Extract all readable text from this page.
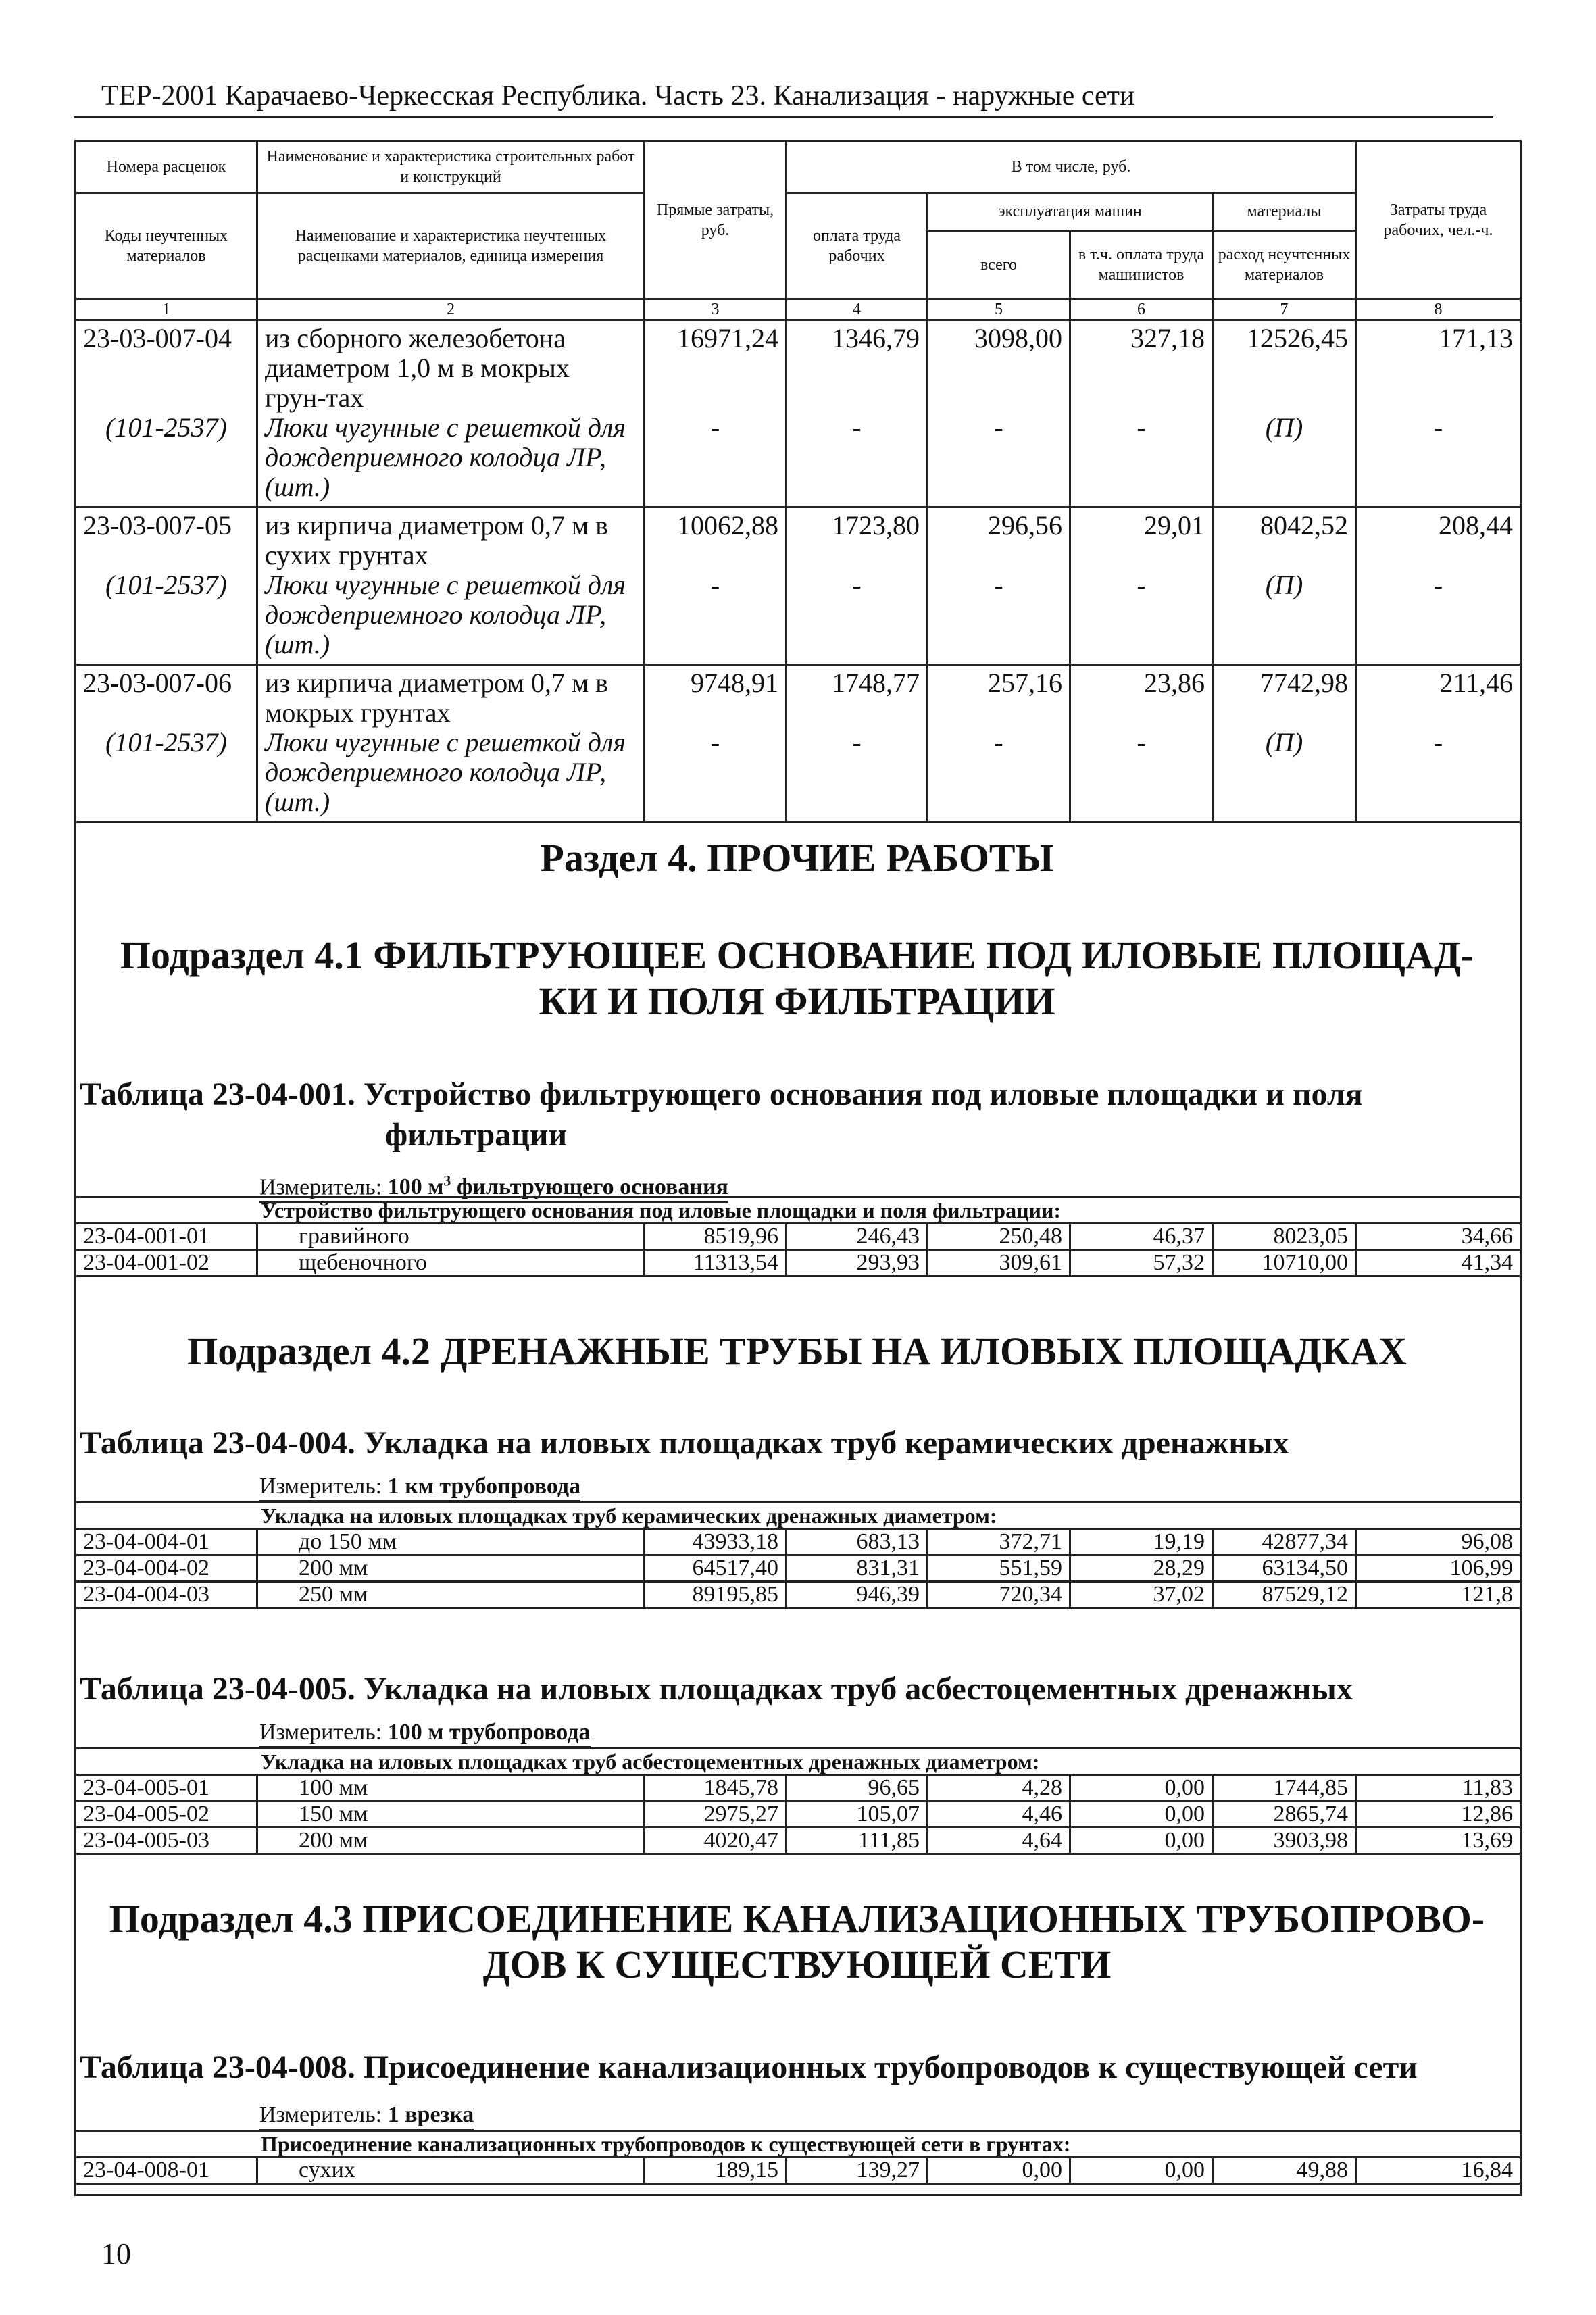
ТЕР-2001 Карачаево-Черкесская Республика. Часть 23. Канализация - наружные сети
Номера расценок	Наименование и характеристика строительных работ и конструкций	Прямые затраты, руб.	В том числе, руб.				Затраты труда рабочих, чел.-ч.
Коды неучтенных материалов	Наименование и характеристика неучтенных расценками материалов, единица измерения		оплата труда рабочих	эксплуатация машин		материалы	
				всего	в т.ч. оплата труда машинистов	расход неучтенных материалов	
1	2	3	4	5	6	7	8
23-03-007-04	из сборного железобетона диаметром 1,0 м в мокрых грун-тах	16971,24	1346,79	3098,00	327,18	12526,45	171,13
(101-2537)	Люки чугунные с решеткой для дождеприемного колодца ЛР, (шт.)	-	-	-	-	(П)	-
23-03-007-05	из кирпича диаметром 0,7 м в сухих грунтах	10062,88	1723,80	296,56	29,01	8042,52	208,44
(101-2537)	Люки чугунные с решеткой для дождеприемного колодца ЛР, (шт.)	-	-	-	-	(П)	-
23-03-007-06	из кирпича диаметром 0,7 м в мокрых грунтах	9748,91	1748,77	257,16	23,86	7742,98	211,46
(101-2537)	Люки чугунные с решеткой для дождеприемного колодца ЛР, (шт.)	-	-	-	-	(П)	-
Раздел 4. ПРОЧИЕ РАБОТЫ
Подраздел 4.1 ФИЛЬТРУЮЩЕЕ ОСНОВАНИЕ ПОД ИЛОВЫЕ ПЛОЩАД-
КИ И ПОЛЯ ФИЛЬТРАЦИИ
Таблица 23-04-001. Устройство фильтрующего основания под иловые площадки и поля
фильтрации
Измеритель: 100 $м^3$ фильтрующего основания
Устройство фильтрующего основания под иловые площадки и поля фильтрации:							
23-04-001-01	гравийного	8519,96	246,43	250,48	46,37	8023,05	34,66
23-04-001-02	щебеночного	11313,54	293,93	309,61	57,32	10710,00	41,34
Подраздел 4.2 ДРЕНАЖНЫЕ ТРУБЫ НА ИЛОВЫХ ПЛОЩАДКАХ
Таблица 23-04-004. Укладка на иловых площадках труб керамических дренажных
Измеритель: 1 км трубопровода
Укладка на иловых площадках труб керамических дренажных диаметром:							
23-04-004-01	до 150 мм	43933,18	683,13	372,71	19,19	42877,34	96,08
23-04-004-02	200 мм	64517,40	831,31	551,59	28,29	63134,50	106,99
23-04-004-03	250 мм	89195,85	946,39	720,34	37,02	87529,12	121,8
Таблица 23-04-005. Укладка на иловых площадках труб асбестоцементных дренажных
Измеритель: 100 м трубопровода
Укладка на иловых площадках труб асбестоцементных дренажных диаметром:							
23-04-005-01	100 мм	1845,78	96,65	4,28	0,00	1744,85	11,83
23-04-005-02	150 мм	2975,27	105,07	4,46	0,00	2865,74	12,86
23-04-005-03	200 мм	4020,47	111,85	4,64	0,00	3903,98	13,69
Подраздел 4.3 ПРИСОЕДИНЕНИЕ КАНАЛИЗАЦИОННЫХ ТРУБОПРОВО-
ДОВ К СУЩЕСТВУЮЩЕЙ СЕТИ
Таблица 23-04-008. Присоединение канализационных трубопроводов к существующей сети
Измеритель: 1 врезка
Присоединение канализационных трубопроводов к существующей сети в грунтах:
23-04-008-01	сухих	189,15	139,27	0,00	0,00	49,88	16,84
10
